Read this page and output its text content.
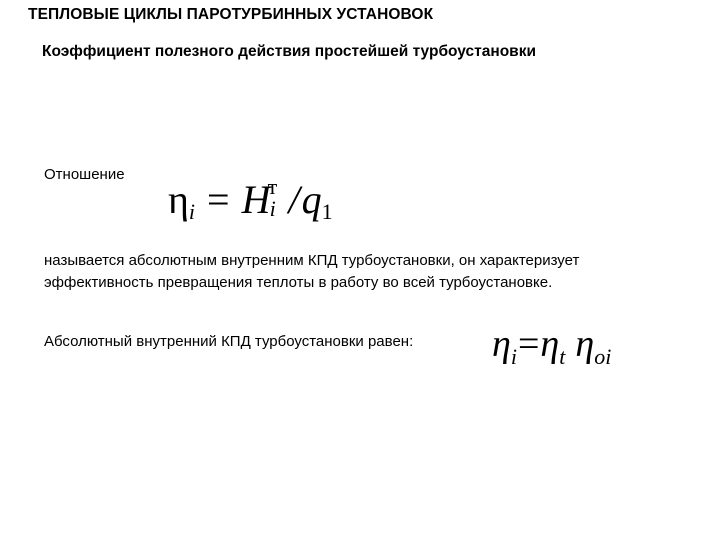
ТЕПЛОВЫЕ ЦИКЛЫ ПАРОТУРБИННЫХ УСТАНОВОК
Коэффициент полезного действия простейшей турбоустановки
Отношение
$\eta_i = H$
т
i /q1
называется абсолютным внутренним КПД турбоустановки, он характеризует эффективность превращения теплоты в работу во всей турбоустановке.
Абсолютный внутренний КПД турбоустановки равен: $\eta_i=\eta_t$ $\eta_{oi}$
